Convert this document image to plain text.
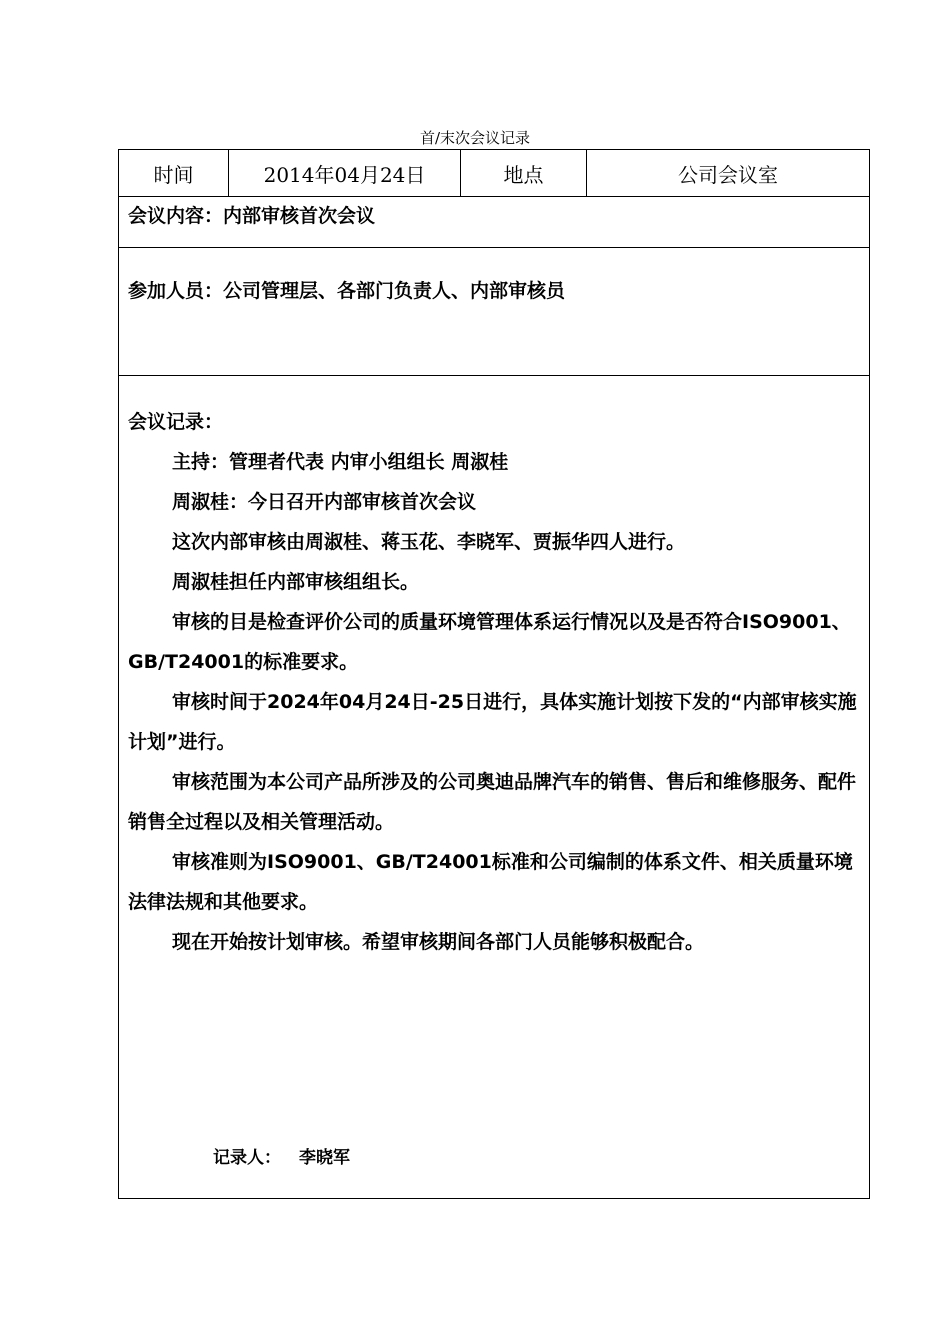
首/末次会议记录
时间	2014年04月24日	地点	公司会议室
会议内容：内部审核首次会议
参加人员：公司管理层、各部门负责人、内部审核员

会议记录：

主持：管理者代表 内审小组组长 周淑桂

周淑桂：今日召开内部审核首次会议

这次内部审核由周淑桂、蒋玉花、李晓军、贾振华四人进行。

周淑桂担任内部审核组组长。

审核的目是检查评价公司的质量环境管理体系运行情况以及是否符合ISO9001、GB/T24001的标准要求。

审核时间于2024年04月24日-25日进行，具体实施计划按下发的“内部审核实施计划”进行。

审核范围为本公司产品所涉及的公司奥迪品牌汽车的销售、售后和维修服务、配件销售全过程以及相关管理活动。

审核准则为ISO9001、GB/T24001标准和公司编制的体系文件、相关质量环境法律法规和其他要求。

现在开始按计划审核。希望审核期间各部门人员能够积极配合。

记录人： 李晓军
